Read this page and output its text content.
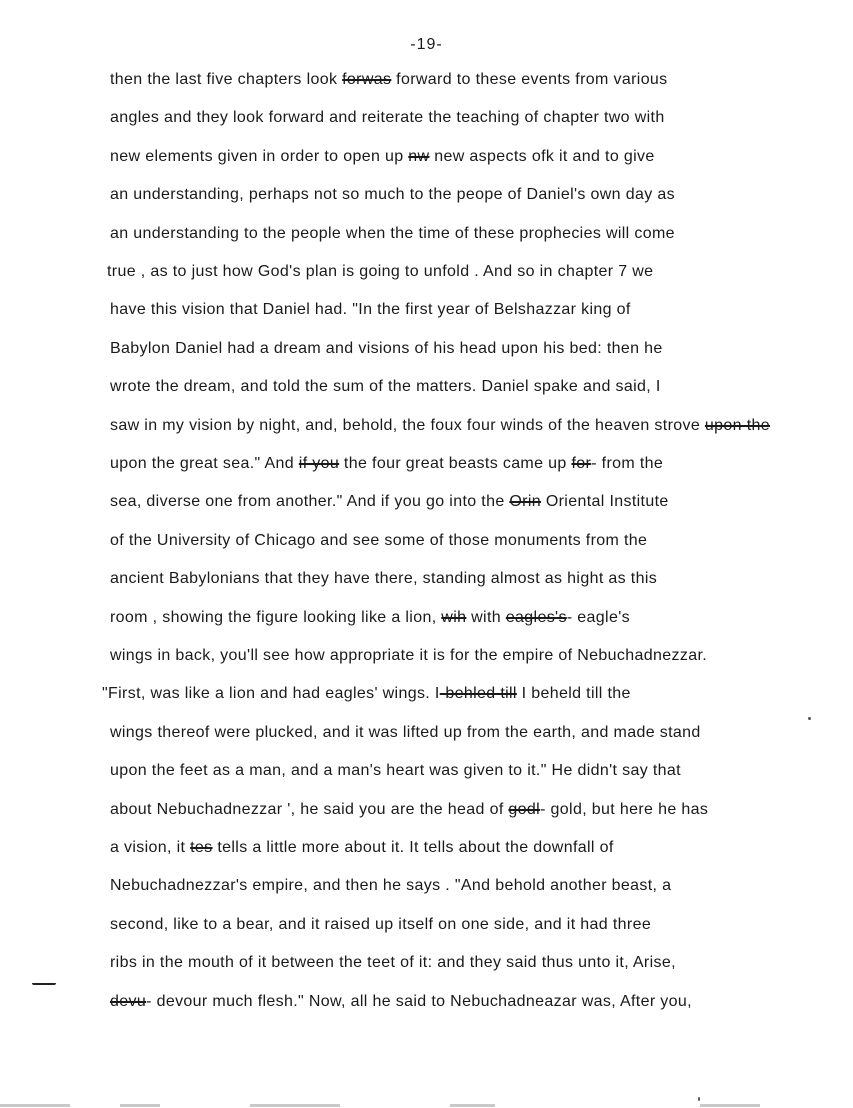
-19-
then the last five chapters look forwas forward to these events from various
angles and they look forward and reiterate the teaching of chapter two with
new elements given in order to open up nw new aspects ofk it and to give
an understanding, perhaps not so much to the peope of Daniel's own day as
an understanding to the people when the time of these prophecies will come
true , as to just how God's plan is going to unfold . And so in chapter 7 we
have this vision that Daniel had. "In the first year of Belshazzar king of
Babylon Daniel had a dream and visions of his head upon his bed: then he
wrote the dream, and told the sum of the matters. Daniel spake and said, I
saw in my vision by night, and, behold, the foux four winds of the heaven strove upon the
upon the great sea." And if you the four great beasts came up for- from the
sea, diverse one from another." And if you go into the Orin Oriental Institute
of the University of Chicago and see some of those monuments from the
ancient Babylonians that they have there, standing almost as hight as this
room , showing the figure looking like a lion, wih with eagles's- eagle's
wings in back, you'll see how appropriate it is for the empire of Nebuchadnezzar.
"First, was like a lion and had eagles' wings. I-behled till I beheld till the
wings thereof were plucked, and it was lifted up from the earth, and made stand
upon the feet as a man, and a man's heart was given to it." He didn't say that
about Nebuchadnezzar ', he said you are the head of godl- gold, but here he has
a vision, it tes tells a little more about it. It tells about the downfall of
Nebuchadnezzar's empire, and then he says . "And behold another beast, a
second, like to a bear, and it raised up itself on one side, and it had three
ribs in the mouth of it between the teet of it: and they said thus unto it, Arise,
devu- devour much flesh." Now, all he said to Nebuchadneazar was, After you,
